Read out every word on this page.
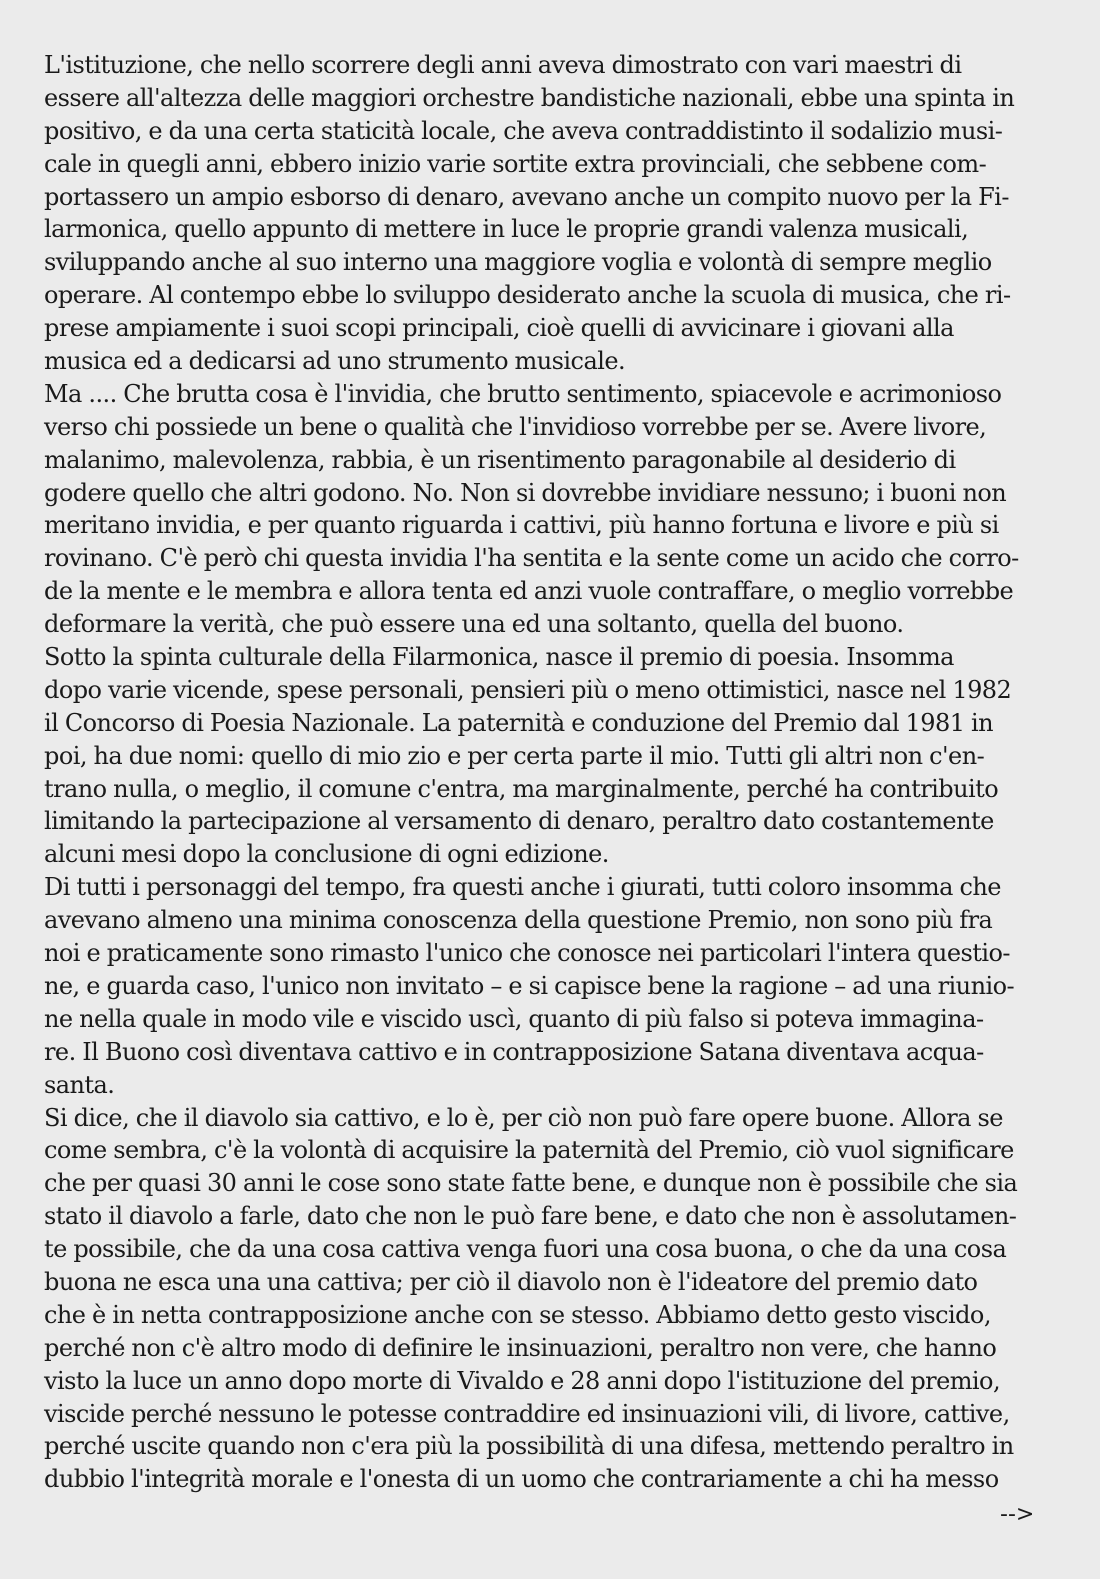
L'istituzione, che nello scorrere degli anni aveva dimostrato con vari maestri di
essere all'altezza delle maggiori orchestre bandistiche nazionali, ebbe una spinta in
positivo, e da una certa staticità locale, che aveva contraddistinto il sodalizio musi-
cale in quegli anni, ebbero inizio varie sortite extra provinciali, che sebbene com-
portassero un ampio esborso di denaro, avevano anche un compito nuovo per la Fi-
larmonica, quello appunto di mettere in luce le proprie grandi valenza musicali,
sviluppando anche al suo interno una maggiore voglia e volontà di sempre meglio
operare. Al contempo ebbe lo sviluppo desiderato anche la scuola di musica, che ri-
prese ampiamente i suoi scopi principali, cioè quelli di avvicinare i giovani alla
musica ed a dedicarsi ad uno strumento musicale.
Ma .... Che brutta cosa è l'invidia, che brutto sentimento, spiacevole e acrimonioso
verso chi possiede un bene o qualità che l'invidioso vorrebbe per se. Avere livore,
malanimo, malevolenza, rabbia, è un risentimento paragonabile al desiderio di
godere quello che altri godono. No. Non si dovrebbe invidiare nessuno; i buoni non
meritano invidia, e per quanto riguarda i cattivi, più hanno fortuna e livore e più si
rovinano. C'è però chi questa invidia l'ha sentita e la sente come un acido che corro-
de la mente e le membra e allora tenta ed anzi vuole contraffare, o meglio vorrebbe
deformare la verità, che può essere una ed una soltanto, quella del buono.
Sotto la spinta culturale della Filarmonica, nasce il premio di poesia. Insomma
dopo varie vicende, spese personali, pensieri più o meno ottimistici, nasce nel 1982
il Concorso di Poesia Nazionale. La paternità e conduzione del Premio dal 1981 in
poi, ha due nomi: quello di mio zio e per certa parte il mio. Tutti gli altri non c'en-
trano nulla, o meglio, il comune c'entra, ma marginalmente, perché ha contribuito
limitando la partecipazione al versamento di denaro, peraltro dato costantemente
alcuni mesi dopo la conclusione di ogni edizione.
Di tutti i personaggi del tempo, fra questi anche i giurati, tutti coloro insomma che
avevano almeno una minima conoscenza della questione Premio, non sono più fra
noi e praticamente sono rimasto l'unico che conosce nei particolari l'intera questio-
ne, e guarda caso, l'unico non invitato – e si capisce bene la ragione – ad una riunio-
ne nella quale in modo vile e viscido uscì, quanto di più falso si poteva immagina-
re. Il Buono così diventava cattivo e in contrapposizione Satana diventava acqua-
santa.
Si dice, che il diavolo sia cattivo, e lo è, per ciò non può fare opere buone. Allora se
come sembra, c'è la volontà di acquisire la paternità del Premio, ciò vuol significare
che per quasi 30 anni le cose sono state fatte bene, e dunque non è possibile che sia
stato il diavolo a farle, dato che non le può fare bene, e dato che non è assolutamen-
te possibile, che da una cosa cattiva venga fuori una cosa buona, o che da una cosa
buona ne esca una una cattiva; per ciò il diavolo non è l'ideatore del premio dato
che è in netta contrapposizione anche con se stesso. Abbiamo detto gesto viscido,
perché non c'è altro modo di definire le insinuazioni, peraltro non vere, che hanno
visto la luce un anno dopo morte di Vivaldo e 28 anni dopo l'istituzione del premio,
viscide perché nessuno le potesse contraddire ed insinuazioni vili, di livore, cattive,
perché uscite quando non c'era più la possibilità di una difesa, mettendo peraltro in
dubbio l'integrità morale e l'onesta di un uomo che contrariamente a chi ha messo
-->
